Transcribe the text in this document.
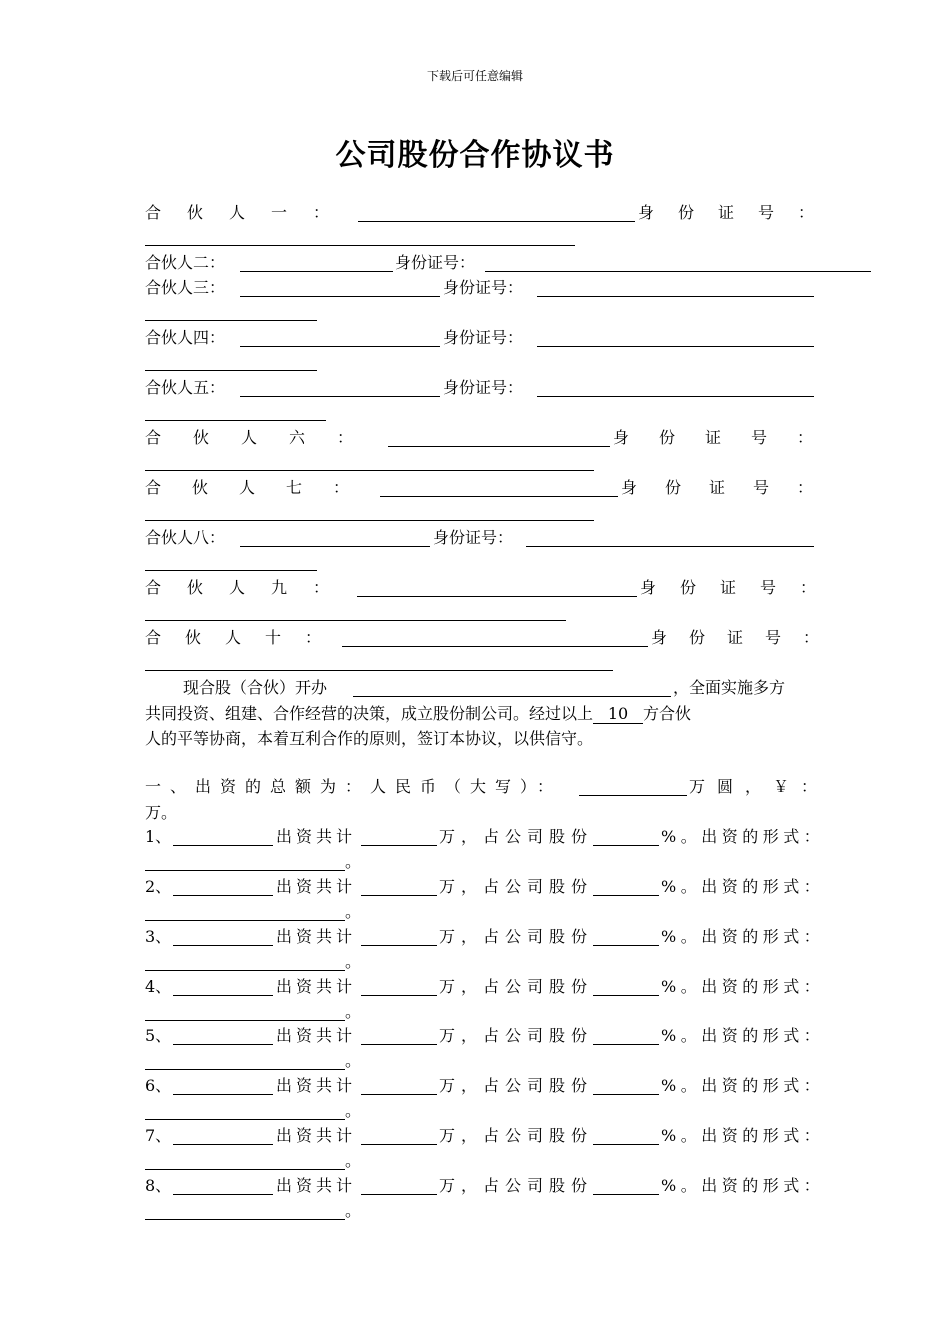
下载后可任意编辑
公司股份合作协议书
合伙人一：	身份证号：
合伙人二：	身份证号：
合伙人三：	身份证号：
合伙人四：	身份证号：
合伙人五：	身份证号：
合伙人六：	身份证号：
合伙人七：	身份证号：
合伙人八：	身份证号：
合伙人九：	身份证号：
合伙人十：	身份证号：
现合股（合伙）开办	，全面实施多方
共同投资、组建、合作经营的决策，成立股份制公司。经过以上 10 方合伙
人的平等协商，本着互利合作的原则，签订本协议，以供信守。
一、出资的总额为：人民币（大写）：	万圆，￥：
万。
1、	出资共计	万，占公司股份	%。出资的形式：
。
2、	出资共计	万，占公司股份	%。出资的形式：
。
3、	出资共计	万，占公司股份	%。出资的形式：
。
4、	出资共计	万，占公司股份	%。出资的形式：
。
5、	出资共计	万，占公司股份	%。出资的形式：
。
6、	出资共计	万，占公司股份	%。出资的形式：
。
7、	出资共计	万，占公司股份	%。出资的形式：
。
8、	出资共计	万，占公司股份	%。出资的形式：
。
